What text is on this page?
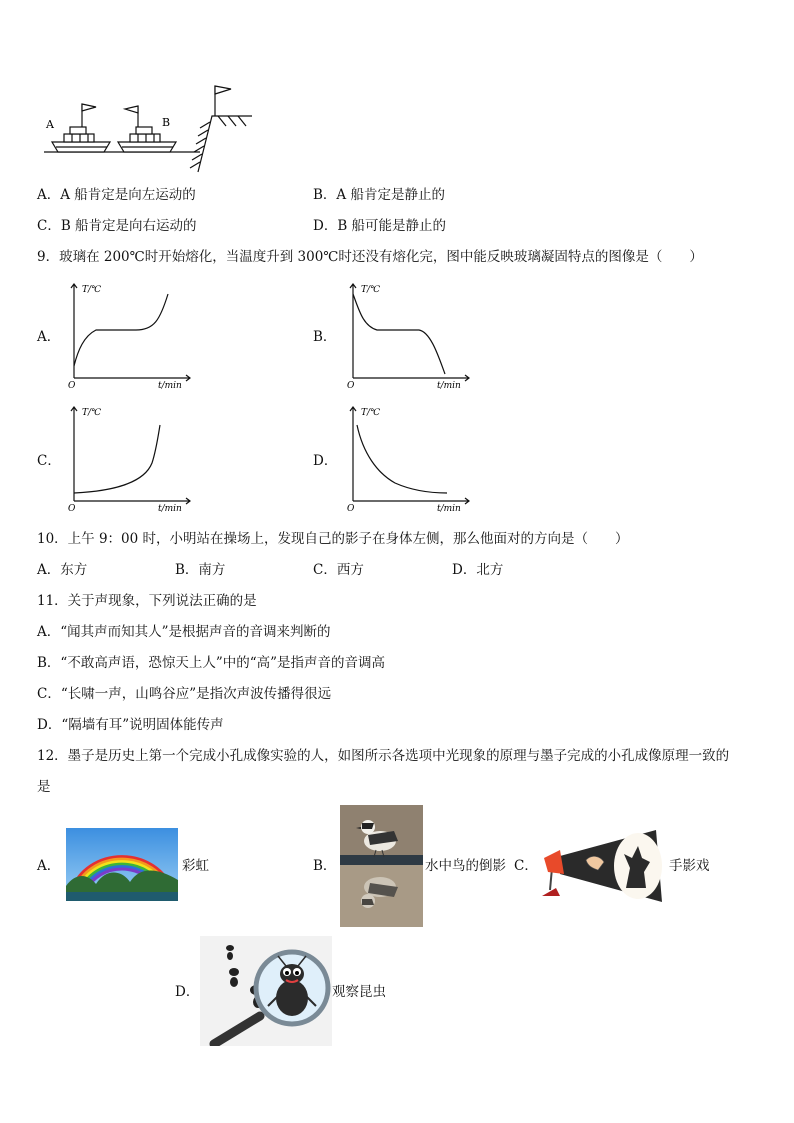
A	B
A．A 船肯定是向左运动的	B．A 船肯定是静止的
C．B 船肯定是向右运动的	D．B 船可能是静止的
9．玻璃在 200℃时开始熔化，当温度升到 300℃时还没有熔化完，图中能反映玻璃凝固特点的图像是（　　）
A．
T/℃
t/min
O
B．
T/℃
t/min
O
C．
T/℃
t/min
O
D．
T/℃
t/min
O
10．上午 9：00 时，小明站在操场上，发现自己的影子在身体左侧，那么他面对的方向是（　　）
A．东方	B．南方	C．西方	D．北方
11．关于声现象，下列说法正确的是
A．“闻其声而知其人”是根据声音的音调来判断的
B．“不敢高声语，恐惊天上人”中的“高”是指声音的音调高
C．“长啸一声，山鸣谷应”是指次声波传播得很远
D．“隔墙有耳”说明固体能传声
12．墨子是历史上第一个完成小孔成像实验的人，如图所示各选项中光现象的原理与墨子完成的小孔成像原理一致的
是
A．	彩虹	B．	水中鸟的倒影 C．	手影戏
D．	观察昆虫
